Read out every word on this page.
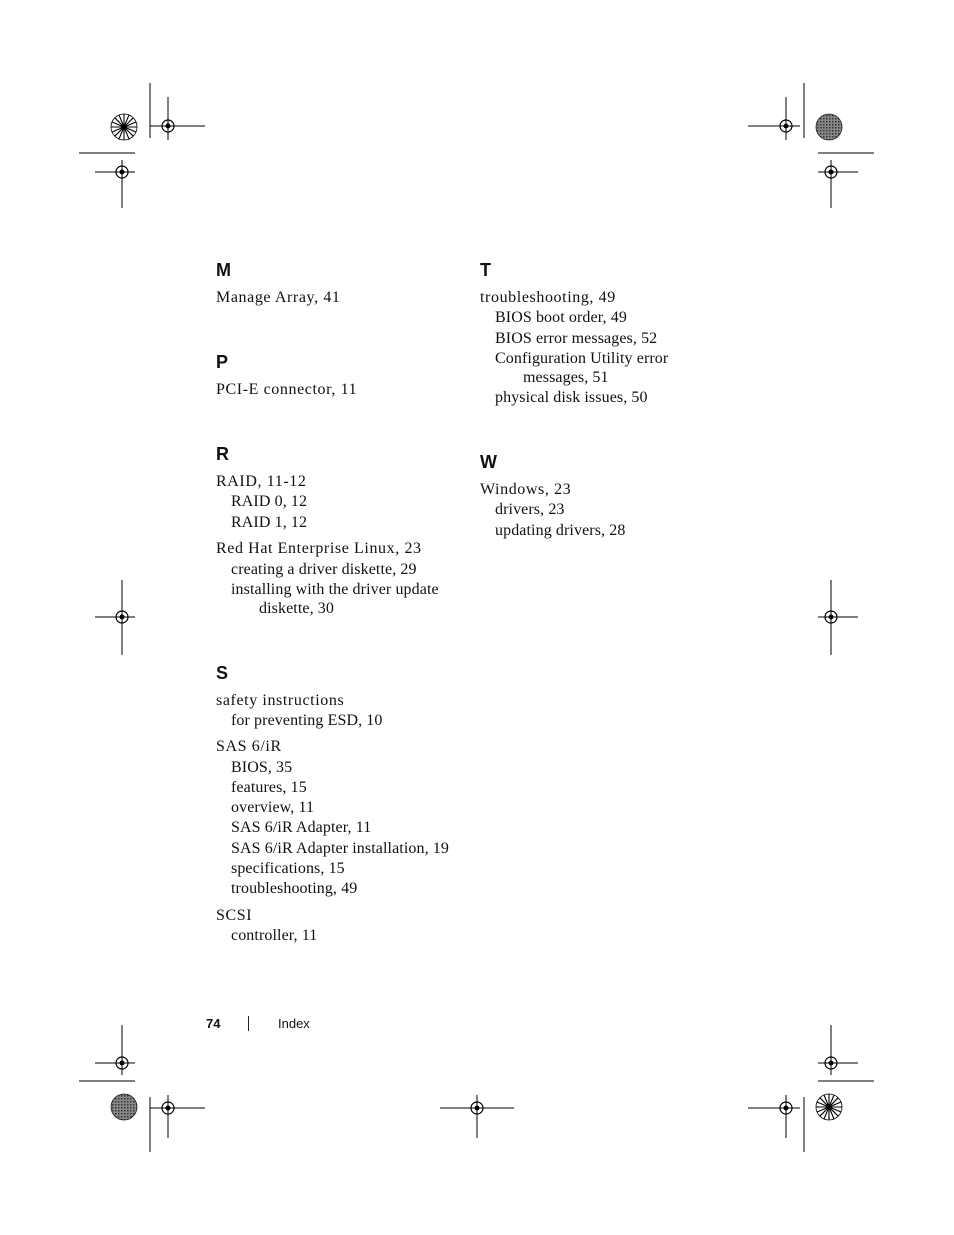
M
Manage Array, 41
P
PCI-E connector, 11
R
RAID, 11-12
RAID 0, 12
RAID 1, 12
Red Hat Enterprise Linux, 23
creating a driver diskette, 29
installing with the driver update
diskette, 30
S
safety instructions
for preventing ESD, 10
SAS 6/iR
BIOS, 35
features, 15
overview, 11
SAS 6/iR Adapter, 11
SAS 6/iR Adapter installation, 19
specifications, 15
troubleshooting, 49
SCSI
controller, 11
T
troubleshooting, 49
BIOS boot order, 49
BIOS error messages, 52
Configuration Utility error
messages, 51
physical disk issues, 50
W
Windows, 23
drivers, 23
updating drivers, 28
74	Index
